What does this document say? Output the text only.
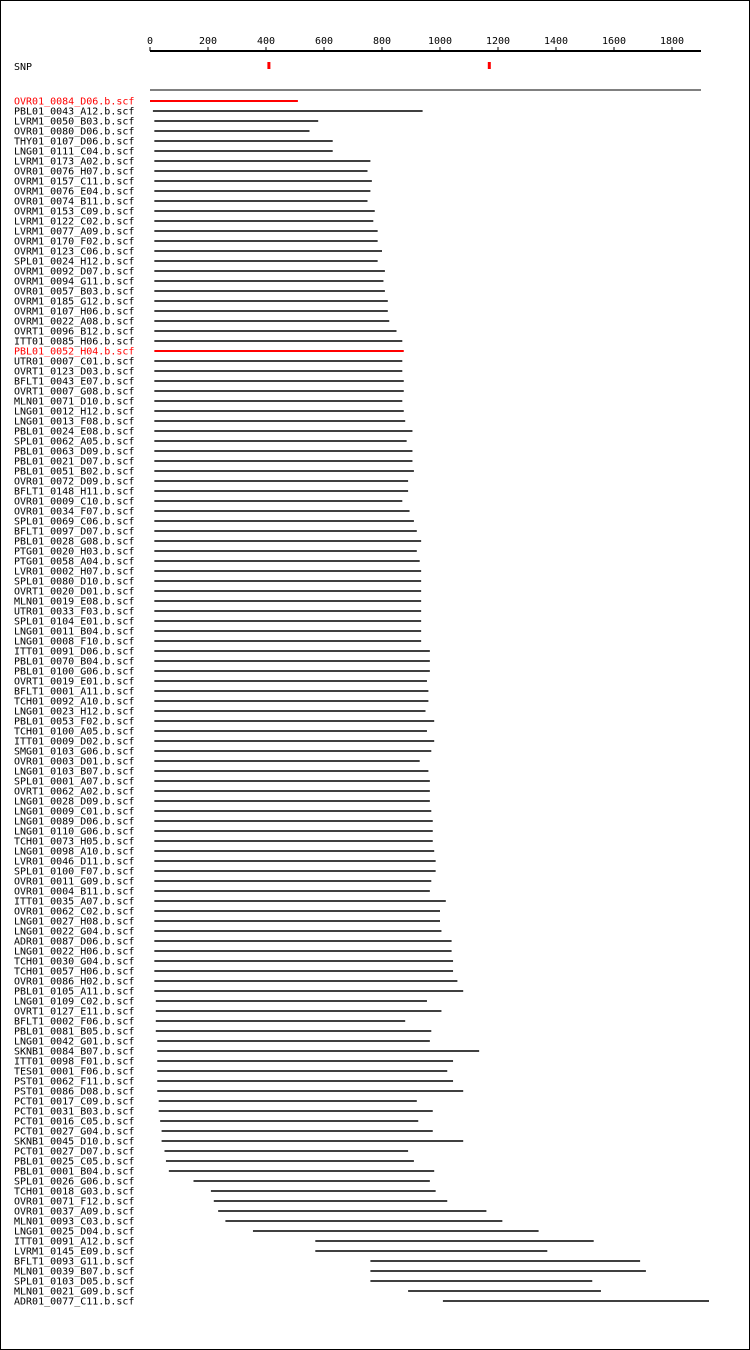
0	200	400	600	800	1000	1200	1400	1600	1800
SNP
OVR01_0084_D06.b.scf
PBL01_0043_A12.b.scf
LVRM1_0050_B03.b.scf
OVR01_0080_D06.b.scf
THY01_0107_D06.b.scf
LNG01_0111_C04.b.scf
LVRM1_0173_A02.b.scf
OVR01_0076_H07.b.scf
OVRM1_0157_C11.b.scf
OVRM1_0076_E04.b.scf
OVR01_0074_B11.b.scf
OVRM1_0153_C09.b.scf
LVRM1_0122_C02.b.scf
LVRM1_0077_A09.b.scf
OVRM1_0170_F02.b.scf
OVRM1_0123_C06.b.scf
SPL01_0024_H12.b.scf
OVRM1_0092_D07.b.scf
OVRM1_0094_G11.b.scf
OVR01_0057_B03.b.scf
OVRM1_0185_G12.b.scf
OVRM1_0107_H06.b.scf
OVRM1_0022_A08.b.scf
OVRT1_0096_B12.b.scf
ITT01_0085_H06.b.scf
PBL01_0052_H04.b.scf
UTR01_0007_C01.b.scf
OVRT1_0123_D03.b.scf
BFLT1_0043_E07.b.scf
OVRT1_0007_G08.b.scf
MLN01_0071_D10.b.scf
LNG01_0012_H12.b.scf
LNG01_0013_F08.b.scf
PBL01_0024_E08.b.scf
SPL01_0062_A05.b.scf
PBL01_0063_D09.b.scf
PBL01_0021_D07.b.scf
PBL01_0051_B02.b.scf
OVR01_0072_D09.b.scf
BFLT1_0148_H11.b.scf
OVR01_0009_C10.b.scf
OVR01_0034_F07.b.scf
SPL01_0069_C06.b.scf
BFLT1_0097_D07.b.scf
PBL01_0028_G08.b.scf
PTG01_0020_H03.b.scf
PTG01_0058_A04.b.scf
LVR01_0002_H07.b.scf
SPL01_0080_D10.b.scf
OVRT1_0020_D01.b.scf
MLN01_0019_E08.b.scf
UTR01_0033_F03.b.scf
SPL01_0104_E01.b.scf
LNG01_0011_B04.b.scf
LNG01_0008_F10.b.scf
ITT01_0091_D06.b.scf
PBL01_0070_B04.b.scf
PBL01_0100_G06.b.scf
OVRT1_0019_E01.b.scf
BFLT1_0001_A11.b.scf
TCH01_0092_A10.b.scf
LNG01_0023_H12.b.scf
PBL01_0053_F02.b.scf
TCH01_0100_A05.b.scf
ITT01_0009_D02.b.scf
SMG01_0103_G06.b.scf
OVR01_0003_D01.b.scf
LNG01_0103_B07.b.scf
SPL01_0001_A07.b.scf
OVRT1_0062_A02.b.scf
LNG01_0028_D09.b.scf
LNG01_0009_C01.b.scf
LNG01_0089_D06.b.scf
LNG01_0110_G06.b.scf
TCH01_0073_H05.b.scf
LNG01_0098_A10.b.scf
LVR01_0046_D11.b.scf
SPL01_0100_F07.b.scf
OVR01_0011_G09.b.scf
OVR01_0004_B11.b.scf
ITT01_0035_A07.b.scf
OVR01_0062_C02.b.scf
LNG01_0027_H08.b.scf
LNG01_0022_G04.b.scf
ADR01_0087_D06.b.scf
LNG01_0022_H06.b.scf
TCH01_0030_G04.b.scf
TCH01_0057_H06.b.scf
OVR01_0086_H02.b.scf
PBL01_0105_A11.b.scf
LNG01_0109_C02.b.scf
OVRT1_0127_E11.b.scf
BFLT1_0002_F06.b.scf
PBL01_0081_B05.b.scf
LNG01_0042_G01.b.scf
SKNB1_0084_B07.b.scf
ITT01_0098_F01.b.scf
TES01_0001_F06.b.scf
PST01_0062_F11.b.scf
PST01_0086_D08.b.scf
PCT01_0017_C09.b.scf
PCT01_0031_B03.b.scf
PCT01_0016_C05.b.scf
PCT01_0027_G04.b.scf
SKNB1_0045_D10.b.scf
PCT01_0027_D07.b.scf
PBL01_0025_C05.b.scf
PBL01_0001_B04.b.scf
SPL01_0026_G06.b.scf
TCH01_0018_G03.b.scf
OVR01_0071_F12.b.scf
OVR01_0037_A09.b.scf
MLN01_0093_C03.b.scf
LNG01_0025_D04.b.scf
ITT01_0091_A12.b.scf
LVRM1_0145_E09.b.scf
BFLT1_0093_G11.b.scf
MLN01_0039_B07.b.scf
SPL01_0103_D05.b.scf
MLN01_0021_G09.b.scf
ADR01_0077_C11.b.scf
